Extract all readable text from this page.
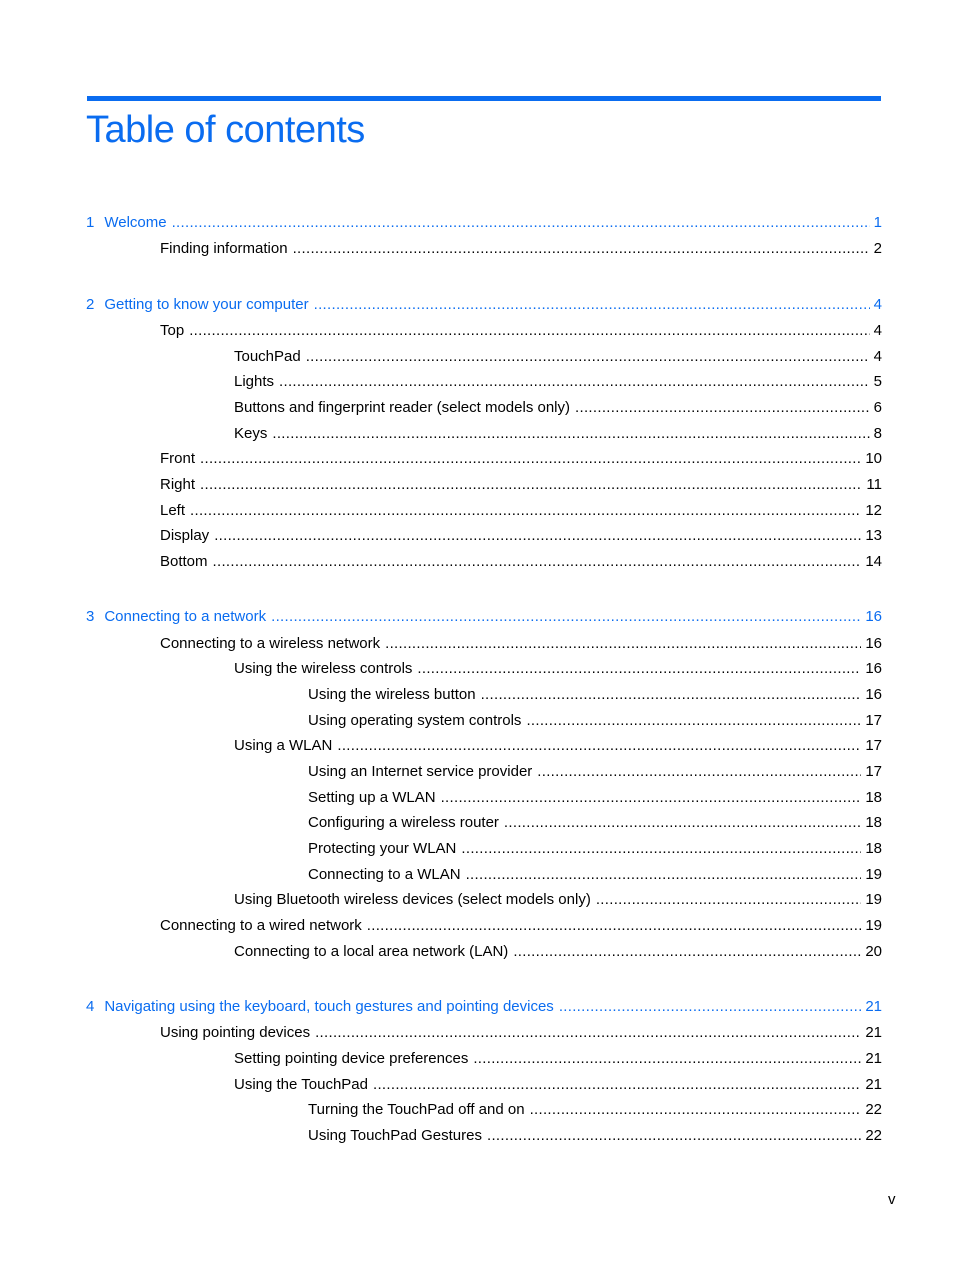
Table of contents
1 Welcome .....	1
Finding information .....	2
2 Getting to know your computer .....	4
Top .....	4
TouchPad .....	4
Lights .....	5
Buttons and fingerprint reader (select models only) .....	6
Keys .....	8
Front .....	10
Right .....	11
Left .....	12
Display .....	13
Bottom .....	14
3 Connecting to a network .....	16
Connecting to a wireless network .....	16
Using the wireless controls .....	16
Using the wireless button .....	16
Using operating system controls .....	17
Using a WLAN .....	17
Using an Internet service provider .....	17
Setting up a WLAN .....	18
Configuring a wireless router .....	18
Protecting your WLAN .....	18
Connecting to a WLAN .....	19
Using Bluetooth wireless devices (select models only) .....	19
Connecting to a wired network .....	19
Connecting to a local area network (LAN) .....	20
4 Navigating using the keyboard, touch gestures and pointing devices .....	21
Using pointing devices .....	21
Setting pointing device preferences .....	21
Using the TouchPad .....	21
Turning the TouchPad off and on .....	22
Using TouchPad Gestures .....	22
v
